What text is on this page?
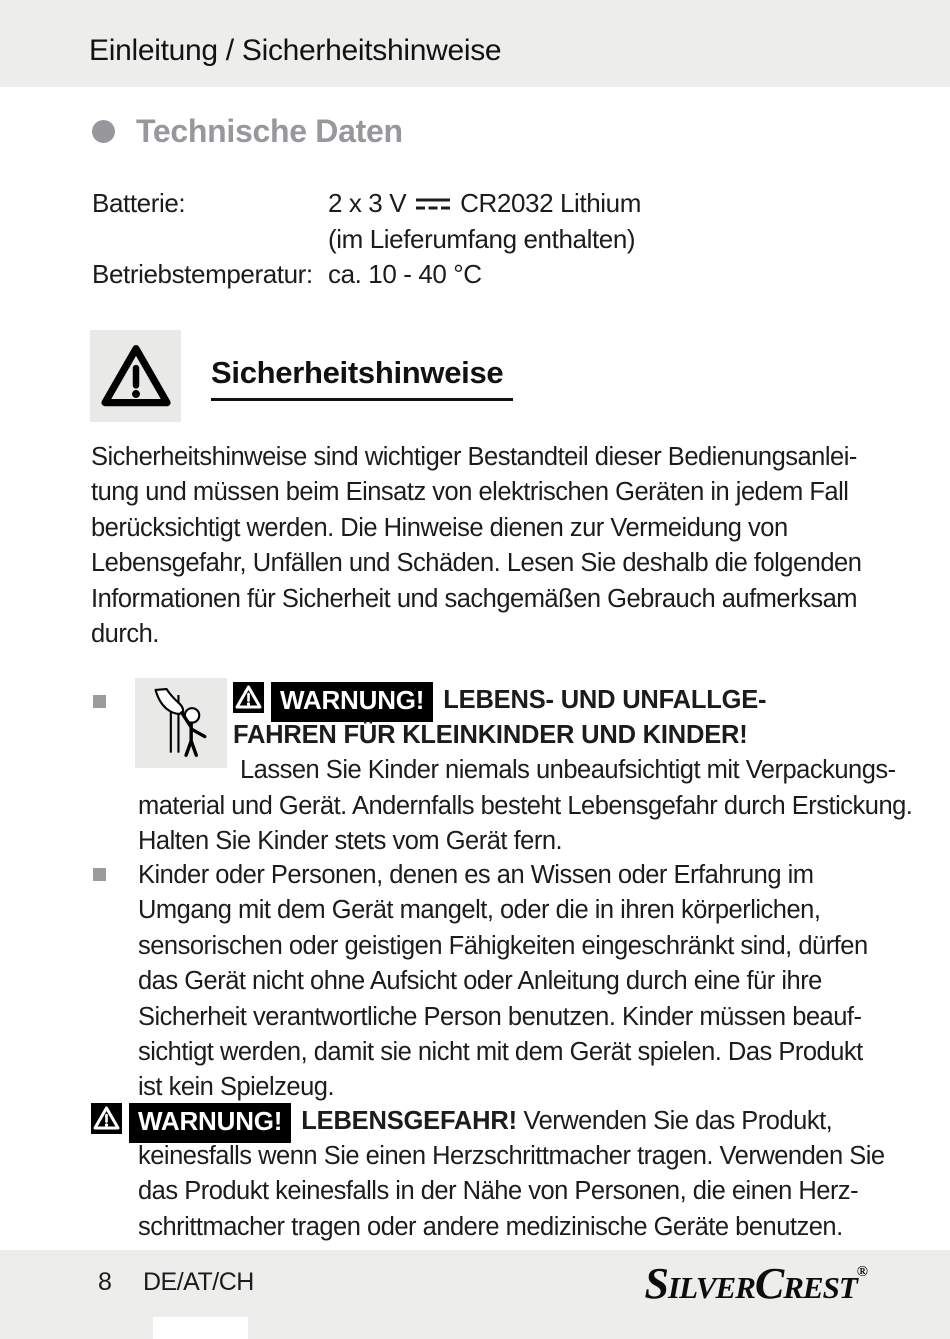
Einleitung / Sicherheitshinweise
Technische Daten
Batterie:	2 x 3 V CR2032 Lithium
(im Lieferumfang enthalten)
Betriebstemperatur: ca. 10 - 40 °C
Sicherheitshinweise
Sicherheitshinweise sind wichtiger Bestandteil dieser Bedienungsanlei-
tung und müssen beim Einsatz von elektrischen Geräten in jedem Fall
berücksichtigt werden. Die Hinweise dienen zur Vermeidung von
Lebensgefahr, Unfällen und Schäden. Lesen Sie deshalb die folgenden
Informationen für Sicherheit und sachgemäßen Gebrauch aufmerksam
durch.
WARNUNG! LEBENS- UND UNFALLGE-
FAHREN FÜR KLEINKINDER UND KINDER!
Lassen Sie Kinder niemals unbeaufsichtigt mit Verpackungs-
material und Gerät. Andernfalls besteht Lebensgefahr durch Erstickung.
Halten Sie Kinder stets vom Gerät fern.
Kinder oder Personen, denen es an Wissen oder Erfahrung im
Umgang mit dem Gerät mangelt, oder die in ihren körperlichen,
sensorischen oder geistigen Fähigkeiten eingeschränkt sind, dürfen
das Gerät nicht ohne Aufsicht oder Anleitung durch eine für ihre
Sicherheit verantwortliche Person benutzen. Kinder müssen beauf-
sichtigt werden, damit sie nicht mit dem Gerät spielen. Das Produkt
ist kein Spielzeug.
WARNUNG! LEBENSGEFAHR! Verwenden Sie das Produkt,
keinesfalls wenn Sie einen Herzschrittmacher tragen. Verwenden Sie
das Produkt keinesfalls in der Nähe von Personen, die einen Herz-
schrittmacher tragen oder andere medizinische Geräte benutzen.
8 DE/AT/CH	SilverCrest®
